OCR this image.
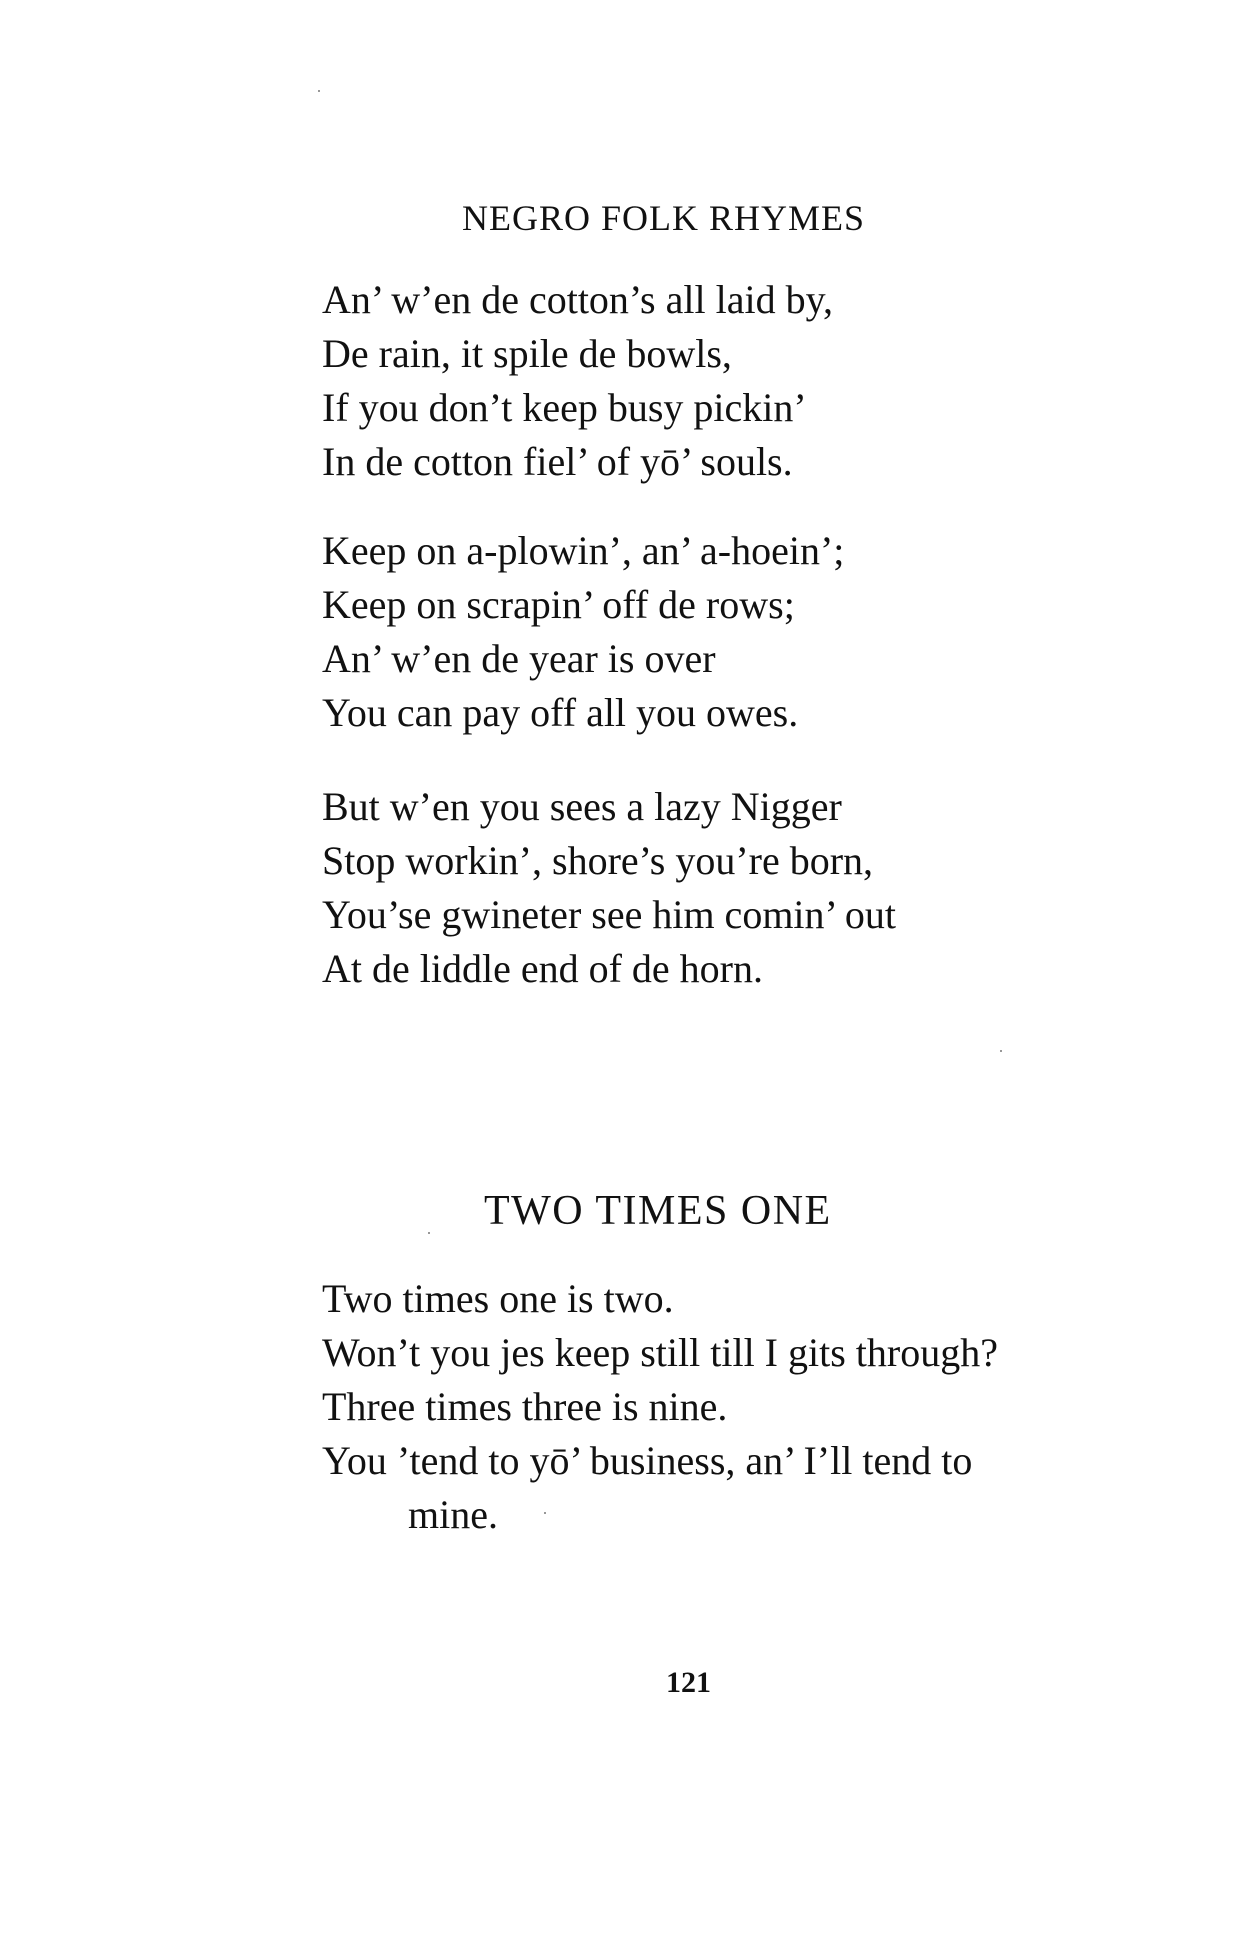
NEGRO FOLK RHYMES
An’ w’en de cotton’s all laid by,
De rain, it spile de bowls,
If you don’t keep busy pickin’
In de cotton fiel’ of yō’ souls.
Keep on a-plowin’, an’ a-hoein’;
Keep on scrapin’ off de rows;
An’ w’en de year is over
You can pay off all you owes.
But w’en you sees a lazy Nigger
Stop workin’, shore’s you’re born,
You’se gwineter see him comin’ out
At de liddle end of de horn.
TWO TIMES ONE
Two times one is two.
Won’t you jes keep still till I gits through?
Three times three is nine.
You ’tend to yō’ business, an’ I’ll tend to
mine.
121
